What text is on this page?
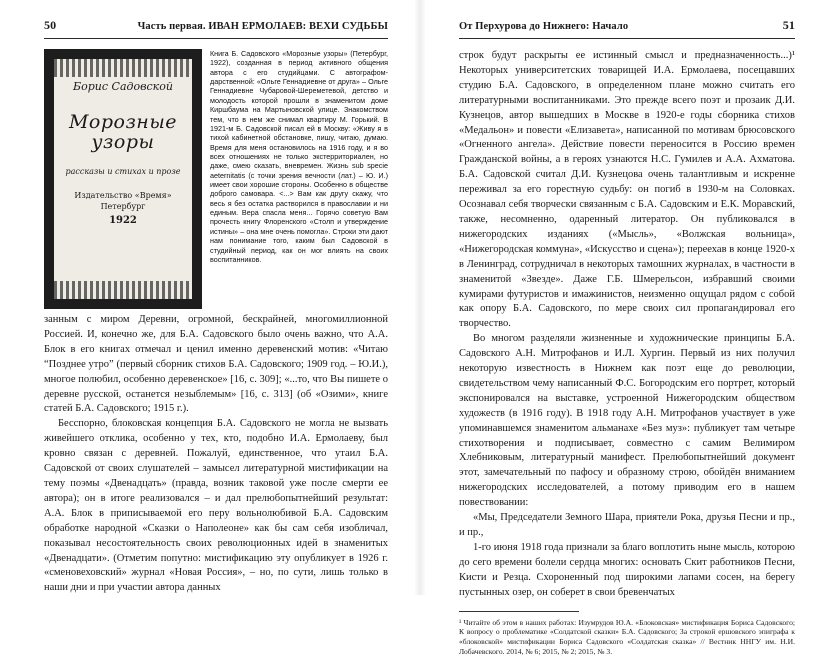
50	Часть первая. ИВАН ЕРМОЛАЕВ: ВЕХИ СУДЬБЫ
Борис Садовской
Морозные узоры
рассказы и стихах и прозе
Издательство «Время»
Петербург
1922
Книга Б. Садовского «Морозные узоры» (Петербург, 1922), созданная в период активного общения автора с его студийцами. С автографом-дарственной: «Ольге Геннадиевне от друга» – Ольге Геннадиевне Чубаровой-Шереметевой, детство и молодость которой прошли в знаменитом доме Киршбаума на Мартыновской улице. Знакомством тем, что в нем же снимал квартиру М. Горький. В 1921-м Б. Садовской писал ей в Москву: «Живу я в тихой кабинетной обстановке, пишу, читаю, думаю. Время для меня остановилось на 1916 году, и я во всех отношениях не только экстерриториален, но даже, смею сказать, вневремен. Жизнь sub specie aeternitatis (с точки зрения вечности (лат.) – Ю. И.) имеет свои хорошие стороны. Особенно в обществе доброго самовара. <...> Вам как другу скажу, что весь я без остатка растворился в православии и ни единым. Вера спасла меня... Горячо советую Вам прочесть книгу Флоренского «Столп и утверждение истины» – она мне очень помогла». Строки эти дают нам понимание того, каким был Садовской в студийный период, как он мог влиять на своих воспитанников.

занным с миром Деревни, огромной, бескрайней, многомиллионной Россией. И, конечно же, для Б.А. Садовского было очень важно, что А.А. Блок в его книгах отмечал и ценил именно деревенский мотив: «Читаю “Позднее утро” (первый сборник стихов Б.А. Садовского; 1909 год. – Ю.И.), многое полюбил, особенно деревенское» [16, с. 309]; «...то, что Вы пишете о деревне русской, останется незыблемым» [16, с. 313] (об «Озими», книге статей Б.А. Садовского; 1915 г.).

Бесспорно, блоковская концепция Б.А. Садовского не могла не вызвать живейшего отклика, особенно у тех, кто, подобно И.А. Ермолаеву, был кровно связан с деревней. Пожалуй, единственное, что утаил Б.А. Садовской от своих слушателей – замысел литературной мистификации на тему поэмы «Двенадцать» (правда, возник таковой уже после смерти ее автора); он в итоге реализовался – и дал прелюбопытнейший результат: А.А. Блок в приписываемой его перу вольнолюбивой Б.А. Садовским обработке народной «Сказки о Наполеоне» как бы сам себя изобличал, показывал несостоятельность своих революционных идей в знаменитых «Двенадцати». (Отметим попутно: мистификацию эту опубликует в 1926 г. «сменовеховский» журнал «Новая Россия», – но, по сути, лишь только в наши дни и при участии автора данных

От Перхурова до Нижнего: Начало	51

строк будут раскрыты ее истинный смысл и предназначенность...)¹ Некоторых университетских товарищей И.А. Ермолаева, посещавших студию Б.А. Садовского, в определенном плане можно считать его литературными воспитанниками. Это прежде всего поэт и прозаик Д.И. Кузнецов, автор вышедших в Москве в 1920-е годы сборника стихов «Медальон» и повести «Елизавета», написанной по мотивам брюсовского «Огненного ангела». Действие повести переносится в Россию времен Гражданской войны, а в героях узнаются Н.С. Гумилев и А.А. Ахматова. Б.А. Садовской считал Д.И. Кузнецова очень талантливым и искренне переживал за его горестную судьбу: он погиб в 1930-м на Соловках. Осознавал себя творчески связанным с Б.А. Садовским и Е.К. Моравский, также, несомненно, одаренный литератор. Он публиковался в нижегородских изданиях («Мысль», «Волжская вольница», «Нижегородская коммуна», «Искусство и сцена»); переехав в конце 1920-х в Ленинград, сотрудничал в некоторых тамошних журналах, в частности в знаменитой «Звезде». Даже Г.Б. Шмерельсон, избравший своими кумирами футуристов и имажинистов, неизменно ощущал рядом с собой как опору Б.А. Садовского, по мере своих сил пропагандировал его творчество.

Во многом разделяли жизненные и художнические принципы Б.А. Садовского А.Н. Митрофанов и И.Л. Хургин. Первый из них получил некоторую известность в Нижнем как поэт еще до революции, свидетельством чему написанный Ф.С. Богородским его портрет, который экспонировался на выставке, устроенной Нижегородским обществом художеств (в 1916 году). В 1918 году А.Н. Митрофанов участвует в уже упоминавшемся знаменитом альманахе «Без муз»: публикует там четыре стихотворения и подписывает, совместно с самим Велимиром Хлебниковым, литературный манифест. Прелюбопытнейший документ этот, замечательный по пафосу и образному строю, обойдён вниманием нижегородских исследователей, а потому приводим его в нашем повествовании:

«Мы, Председатели Земного Шара, приятели Рока, друзья Песни и пр., и пр.,

1-го июня 1918 года признали за благо воплотить ныне мысль, которою до сего времени болели сердца многих: основать Скит работников Песни, Кисти и Резца. Схороненный под широкими лапами сосен, на берегу пустынных озер, он соберет в свои бревенчатых

¹ Читайте об этом в наших работах: Изумрудов Ю.А. «Блоковская» мистификация Бориса Садовского; К вопросу о проблематике «Солдатской сказки» Б.А. Садовского; За строкой ершовского эпиграфа к «блоковской» мистификации Бориса Садовского «Солдатская сказка» // Вестник ННГУ им. Н.И. Лобачевского. 2014, № 6; 2015, № 2; 2015, № 3.
